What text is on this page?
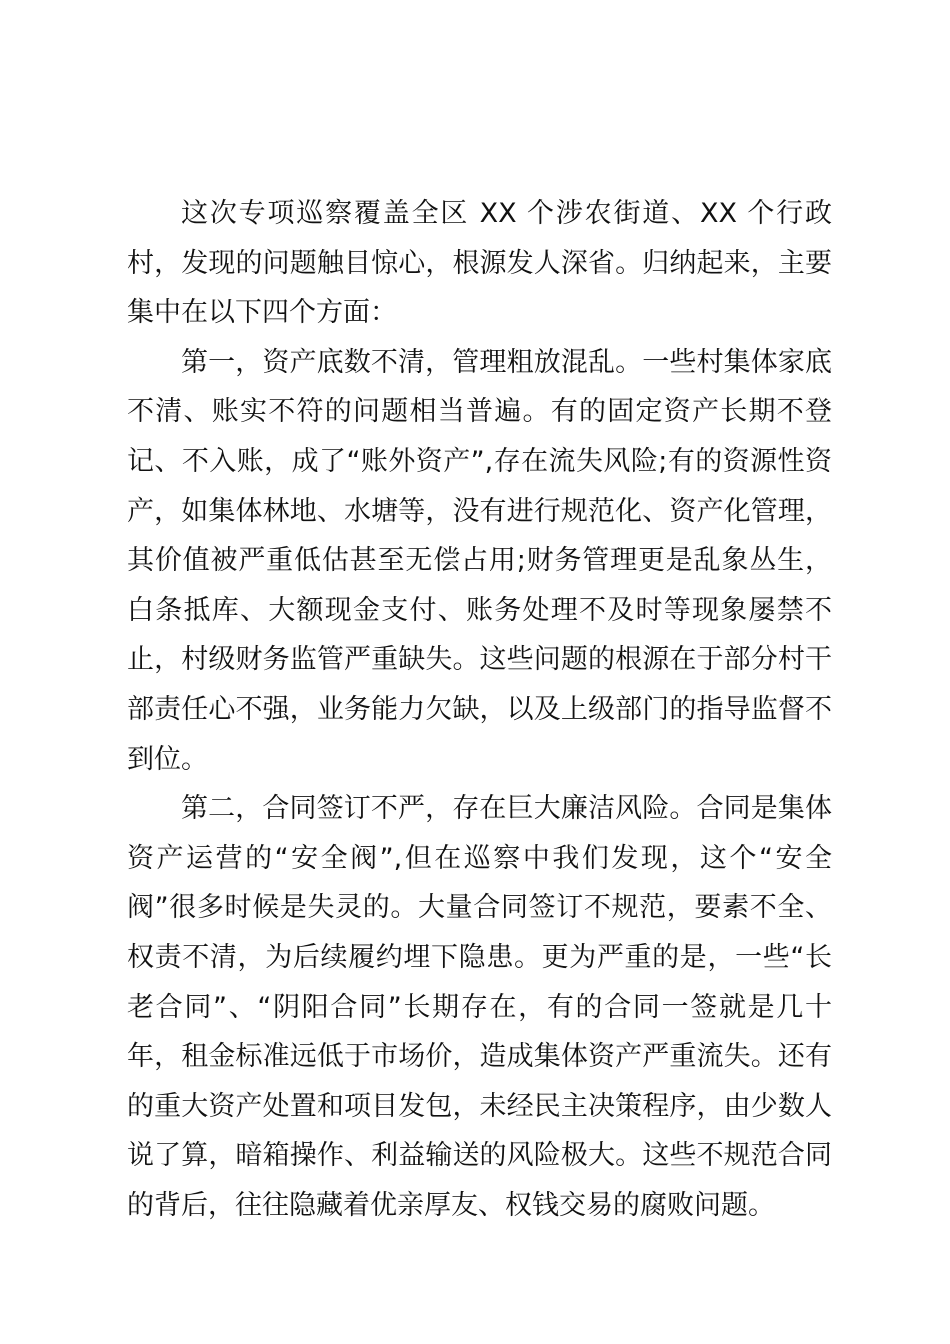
这次专项巡察覆盖全区 XX 个涉农街道、XX 个行政村，发现的问题触目惊心，根源发人深省。归纳起来，主要集中在以下四个方面：

第一，资产底数不清，管理粗放混乱。一些村集体家底不清、账实不符的问题相当普遍。有的固定资产长期不登记、不入账，成了“账外资产”,存在流失风险;有的资源性资产，如集体林地、水塘等，没有进行规范化、资产化管理，其价值被严重低估甚至无偿占用;财务管理更是乱象丛生，白条抵库、大额现金支付、账务处理不及时等现象屡禁不止，村级财务监管严重缺失。这些问题的根源在于部分村干部责任心不强，业务能力欠缺，以及上级部门的指导监督不到位。

第二，合同签订不严，存在巨大廉洁风险。合同是集体资产运营的“安全阀”,但在巡察中我们发现，这个“安全阀”很多时候是失灵的。大量合同签订不规范，要素不全、权责不清，为后续履约埋下隐患。更为严重的是，一些“长老合同”、“阴阳合同”长期存在，有的合同一签就是几十年，租金标准远低于市场价，造成集体资产严重流失。还有的重大资产处置和项目发包，未经民主决策程序，由少数人说了算，暗箱操作、利益输送的风险极大。这些不规范合同的背后，往往隐藏着优亲厚友、权钱交易的腐败问题。
